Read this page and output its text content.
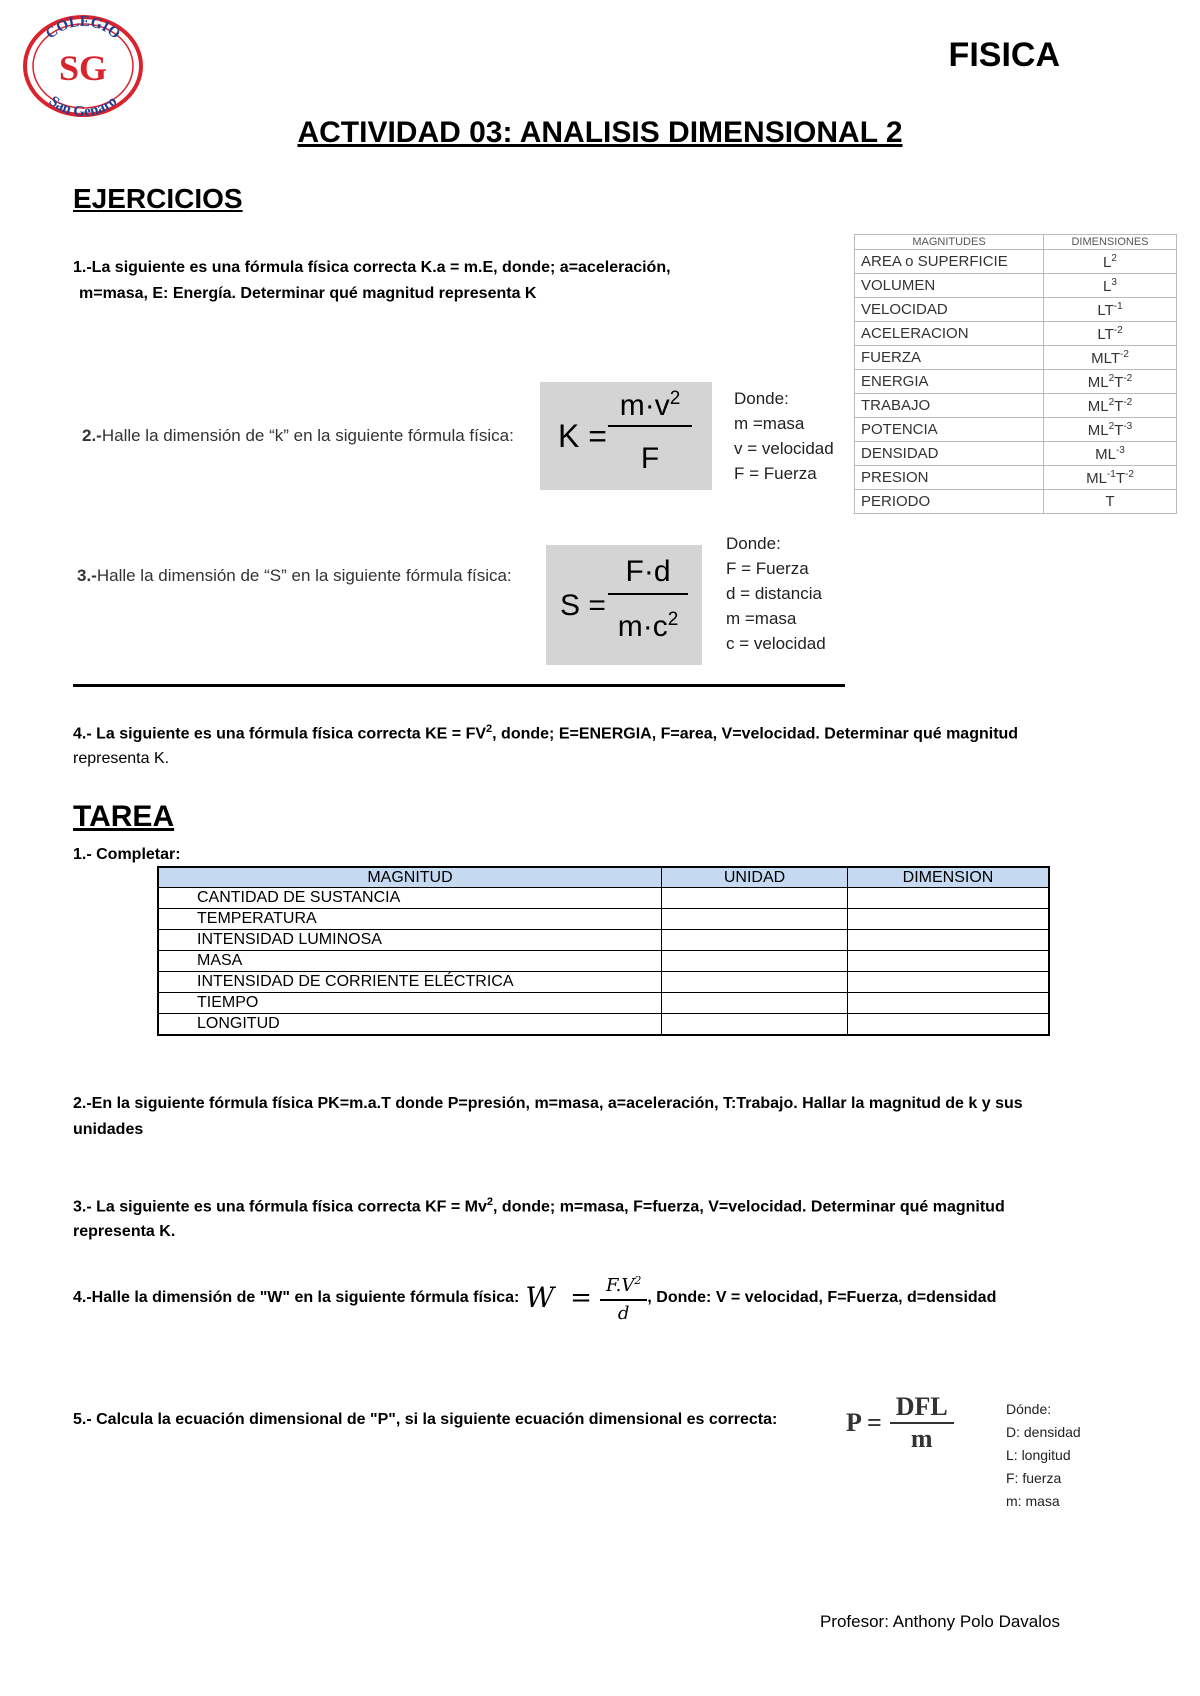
COLEGIO
San Genaro
SG	FISICA
ACTIVIDAD 03: ANALISIS DIMENSIONAL 2
EJERCICIOS
1.-La siguiente es una fórmula física correcta K.a = m.E, donde; a=aceleración,
m=masa, E: Energía. Determinar qué magnitud representa K
2.-Halle la dimensión de “k” en la siguiente fórmula física: K =
$m\cdot v^2$
F
Donde:
m =masa
v = velocidad
F = Fuerza
3.-Halle la dimensión de “S” en la siguiente fórmula física:
S =
F·d
$m\cdot c^2$
Donde:
F = Fuerza
d = distancia
m =masa
c = velocidad
4.- La siguiente es una fórmula física correcta KE = $FV^2$, donde; E=ENERGIA, F=area, V=velocidad. Determinar qué magnitud
representa K.
MAGNITUDES	DIMENSIONES
AREA o SUPERFICIE	$L^2$
VOLUMEN	$L^3$
VELOCIDAD	$LT^{-1}$
ACELERACION	$LT^{-2}$
FUERZA	$MLT^{-2}$
ENERGIA	$ML^2T^{-2}$
TRABAJO	$ML^2T^{-2}$
POTENCIA	$ML^2T^{-3}$
DENSIDAD	$ML^{-3}$
PRESION	$ML^{-1}T^{-2}$
PERIODO	T
TAREA
1.- Completar:
MAGNITUD	UNIDAD	DIMENSION
CANTIDAD DE SUSTANCIA		
TEMPERATURA		
INTENSIDAD LUMINOSA		
MASA		
INTENSIDAD DE CORRIENTE ELÉCTRICA		
TIEMPO		
LONGITUD		
2.-En la siguiente fórmula física PK=m.a.T donde P=presión, m=masa, a=aceleración, T:Trabajo. Hallar la magnitud de k y sus
unidades
3.- La siguiente es una fórmula física correcta KF = $Mv^2$, donde; m=masa, F=fuerza, V=velocidad. Determinar qué magnitud
representa K.
4.-Halle la dimensión de "W" en la siguiente fórmula física: $W = \frac{F.V^2}{d}$ , Donde: V = velocidad, F=Fuerza, d=densidad
5.- Calcula la ecuación dimensional de "P", si la siguiente ecuación dimensional es correcta:	$P = \frac{\text{DFL}}{m}$	Dónde:
D: densidad
L: longitud
F: fuerza
m: masa
Profesor: Anthony Polo Davalos
